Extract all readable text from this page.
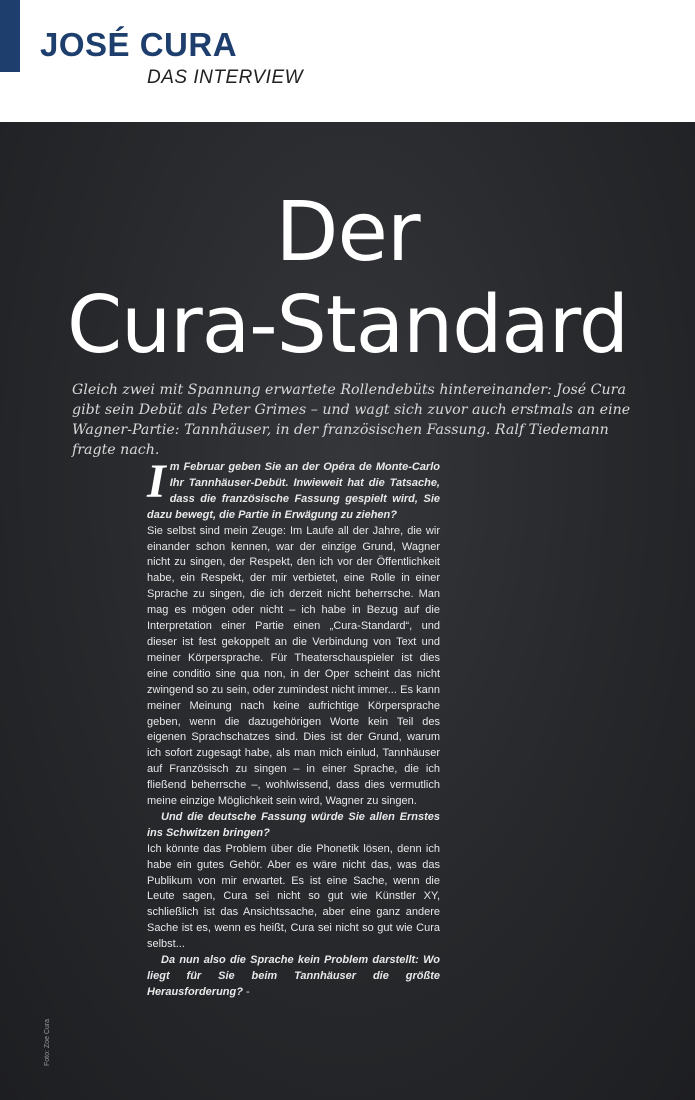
JOSÉ CURA
DAS INTERVIEW
Der
Cura-Standard
Gleich zwei mit Spannung erwartete Rollendebüts hintereinander: José Cura gibt sein Debüt als Peter Grimes – und wagt sich zuvor auch erstmals an eine Wagner-Partie: Tannhäuser, in der französischen Fassung. Ralf Tiedemann fragte nach.

Im Februar geben Sie an der Opéra de Monte-Carlo Ihr Tannhäuser-Debüt. Inwieweit hat die Tatsache, dass die französische Fassung gespielt wird, Sie dazu bewegt, die Partie in Erwägung zu ziehen?

Sie selbst sind mein Zeuge: Im Laufe all der Jahre, die wir einander schon kennen, war der einzige Grund, Wagner nicht zu singen, der Respekt, den ich vor der Öffentlichkeit habe, ein Respekt, der mir verbietet, eine Rolle in einer Sprache zu singen, die ich derzeit nicht beherrsche. Man mag es mögen oder nicht – ich habe in Bezug auf die Interpretation einer Partie einen „Cura-Standard“, und dieser ist fest gekoppelt an die Verbindung von Text und meiner Körpersprache. Für Theaterschauspieler ist dies eine conditio sine qua non, in der Oper scheint das nicht zwingend so zu sein, oder zumindest nicht immer... Es kann meiner Meinung nach keine aufrichtige Körpersprache geben, wenn die dazugehörigen Worte kein Teil des eigenen Sprachschatzes sind. Dies ist der Grund, warum ich sofort zugesagt habe, als man mich einlud, Tannhäuser auf Französisch zu singen – in einer Sprache, die ich fließend beherrsche –, wohlwissend, dass dies vermutlich meine einzige Möglichkeit sein wird, Wagner zu singen.

Und die deutsche Fassung würde Sie allen Ernstes ins Schwitzen bringen?

Ich könnte das Problem über die Phonetik lösen, denn ich habe ein gutes Gehör. Aber es wäre nicht das, was das Publikum von mir erwartet. Es ist eine Sache, wenn die Leute sagen, Cura sei nicht so gut wie Künstler XY, schließlich ist das Ansichtssache, aber eine ganz andere Sache ist es, wenn es heißt, Cura sei nicht so gut wie Cura selbst...

Da nun also die Sprache kein Problem darstellt: Wo liegt für Sie beim Tannhäuser die größte Herausforderung? -

Foto: Zoe Cura
